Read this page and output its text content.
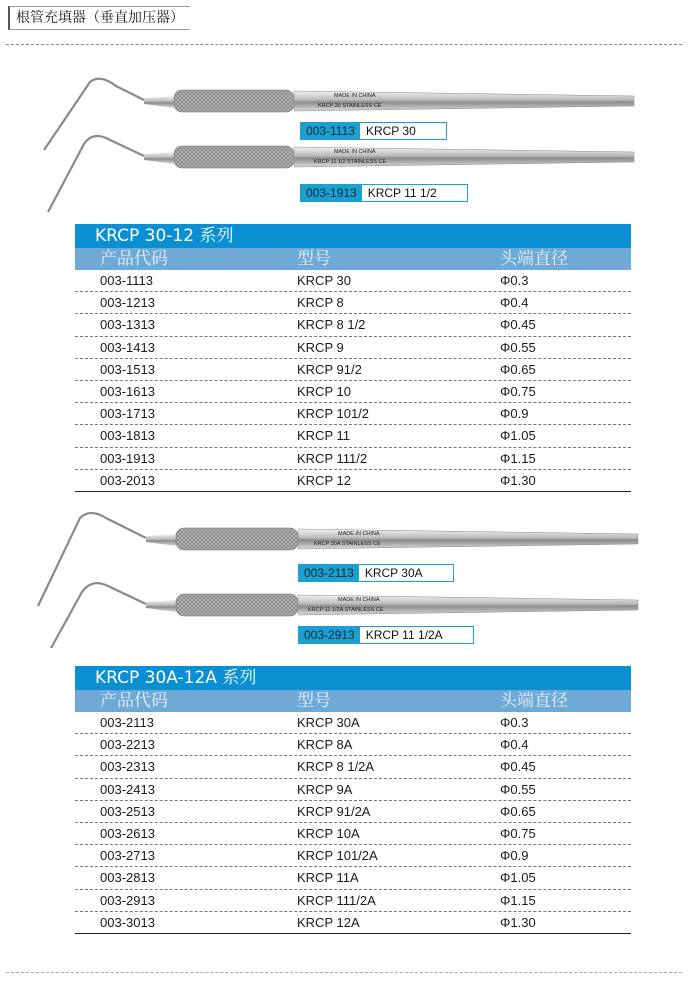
根管充填器（垂直加压器）
MADE IN CHINA
KRCP 30 STAINLESS CE
MADE IN CHINA
KRCP 11 1/2 STAINLESS CE
003-1113 KRCP 30
003-1913 KRCP 11 1/2
KRCP 30-12 系列
产品代码	型号	头端直径
003-1113	KRCP 30	Φ0.3
003-1213	KRCP 8	Φ0.4
003-1313	KRCP 8 1/2	Φ0.45
003-1413	KRCP 9	Φ0.55
003-1513	KRCP 91/2	Φ0.65
003-1613	KRCP 10	Φ0.75
003-1713	KRCP 101/2	Φ0.9
003-1813	KRCP 11	Φ1.05
003-1913	KRCP 111/2	Φ1.15
003-2013	KRCP 12	Φ1.30
MADE IN CHINA
KRCP 30A STAINLESS CE
MADE IN CHINA
KRCP 11 1/2A STAINLESS CE
003-2113 KRCP 30A
003-2913 KRCP 11 1/2A
KRCP 30A-12A 系列
产品代码	型号	头端直径
003-2113	KRCP 30A	Φ0.3
003-2213	KRCP 8A	Φ0.4
003-2313	KRCP 8 1/2A	Φ0.45
003-2413	KRCP 9A	Φ0.55
003-2513	KRCP 91/2A	Φ0.65
003-2613	KRCP 10A	Φ0.75
003-2713	KRCP 101/2A	Φ0.9
003-2813	KRCP 11A	Φ1.05
003-2913	KRCP 111/2A	Φ1.15
003-3013	KRCP 12A	Φ1.30
